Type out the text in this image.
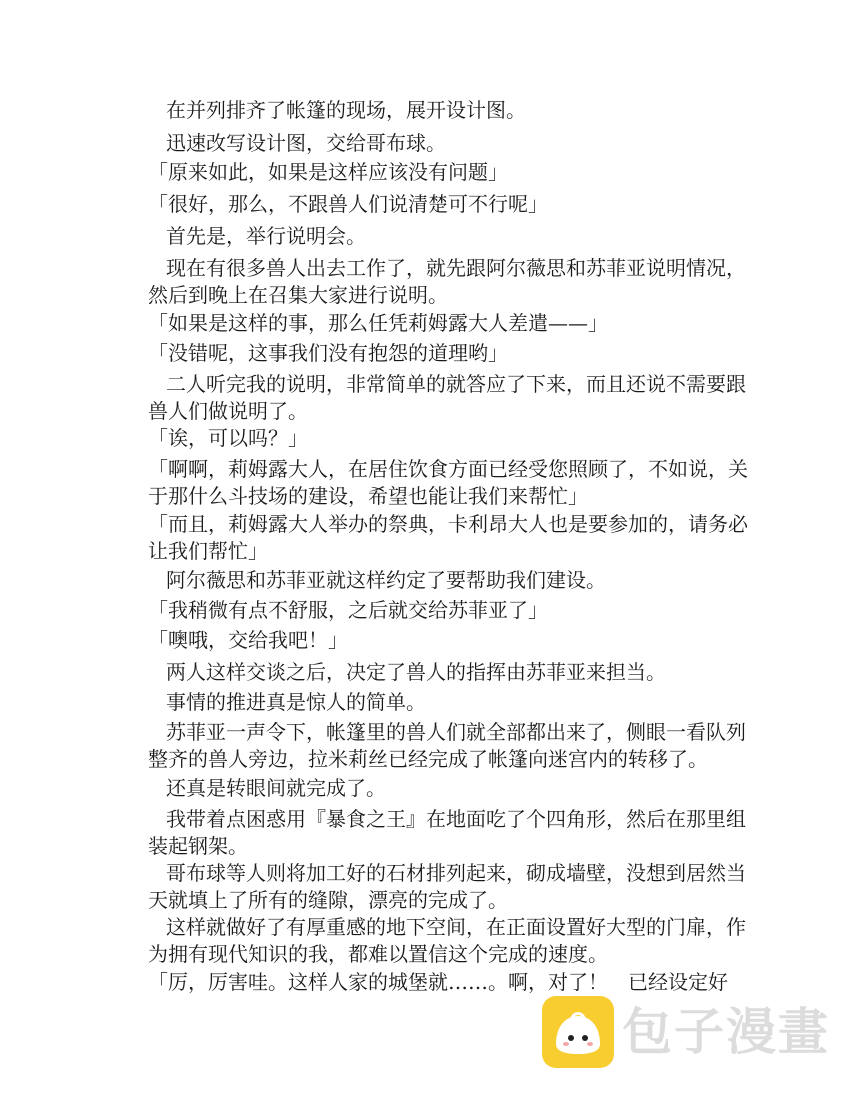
在并列排齐了帐篷的现场，展开设计图。

迅速改写设计图，交给哥布球。

「原来如此，如果是这样应该没有问题」

「很好，那么，不跟兽人们说清楚可不行呢」

首先是，举行说明会。

现在有很多兽人出去工作了，就先跟阿尔薇思和苏菲亚说明情况，然后到晚上在召集大家进行说明。

「如果是这样的事，那么任凭莉姆露大人差遣——」

「没错呢，这事我们没有抱怨的道理哟」

二人听完我的说明，非常简单的就答应了下来，而且还说不需要跟兽人们做说明了。

「诶，可以吗？」

「啊啊，莉姆露大人，在居住饮食方面已经受您照顾了，不如说，关于那什么斗技场的建设，希望也能让我们来帮忙」

「而且，莉姆露大人举办的祭典，卡利昂大人也是要参加的，请务必让我们帮忙」

阿尔薇思和苏菲亚就这样约定了要帮助我们建设。

「我稍微有点不舒服，之后就交给苏菲亚了」

「噢哦，交给我吧！」

两人这样交谈之后，决定了兽人的指挥由苏菲亚来担当。

事情的推进真是惊人的简单。

苏菲亚一声令下，帐篷里的兽人们就全部都出来了，侧眼一看队列整齐的兽人旁边，拉米莉丝已经完成了帐篷向迷宫内的转移了。

还真是转眼间就完成了。

我带着点困惑用『暴食之王』在地面吃了个四角形，然后在那里组装起钢架。

哥布球等人则将加工好的石材排列起来，砌成墙壁，没想到居然当天就填上了所有的缝隙，漂亮的完成了。

这样就做好了有厚重感的地下空间，在正面设置好大型的门扉，作为拥有现代知识的我，都难以置信这个完成的速度。

「厉，厉害哇。这样人家的城堡就……。啊，对了！　已经设定好

包子漫畫
